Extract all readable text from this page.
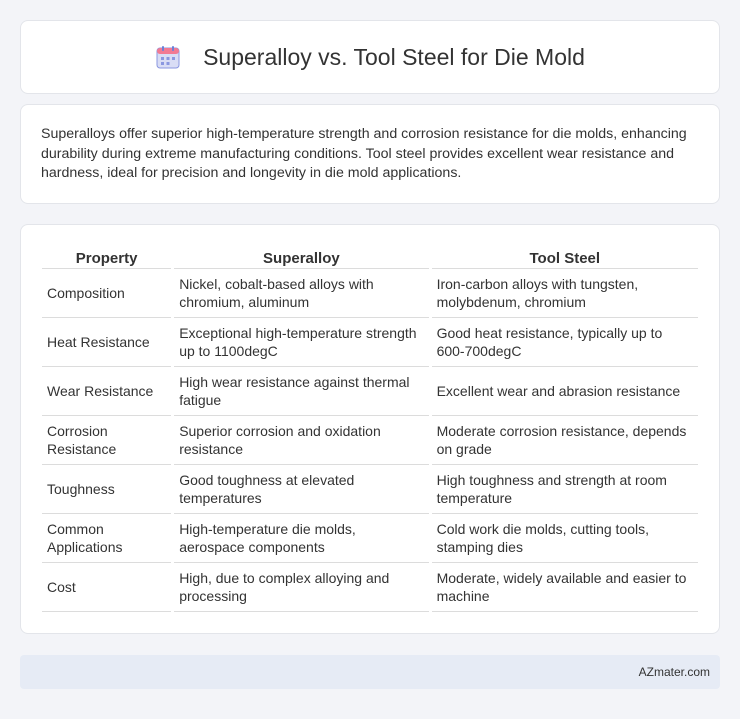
Superalloy vs. Tool Steel for Die Mold

Superalloys offer superior high-temperature strength and corrosion resistance for die molds, enhancing durability during extreme manufacturing conditions. Tool steel provides excellent wear resistance and hardness, ideal for precision and longevity in die mold applications.

Property	Superalloy	Tool Steel
Composition	Nickel, cobalt-based alloys with chromium, aluminum	Iron-carbon alloys with tungsten, molybdenum, chromium
Heat Resistance	Exceptional high-temperature strength up to 1100degC	Good heat resistance, typically up to 600-700degC
Wear Resistance	High wear resistance against thermal fatigue	Excellent wear and abrasion resistance
Corrosion Resistance	Superior corrosion and oxidation resistance	Moderate corrosion resistance, depends on grade
Toughness	Good toughness at elevated temperatures	High toughness and strength at room temperature
Common Applications	High-temperature die molds, aerospace components	Cold work die molds, cutting tools, stamping dies
Cost	High, due to complex alloying and processing	Moderate, widely available and easier to machine
AZmater.com
